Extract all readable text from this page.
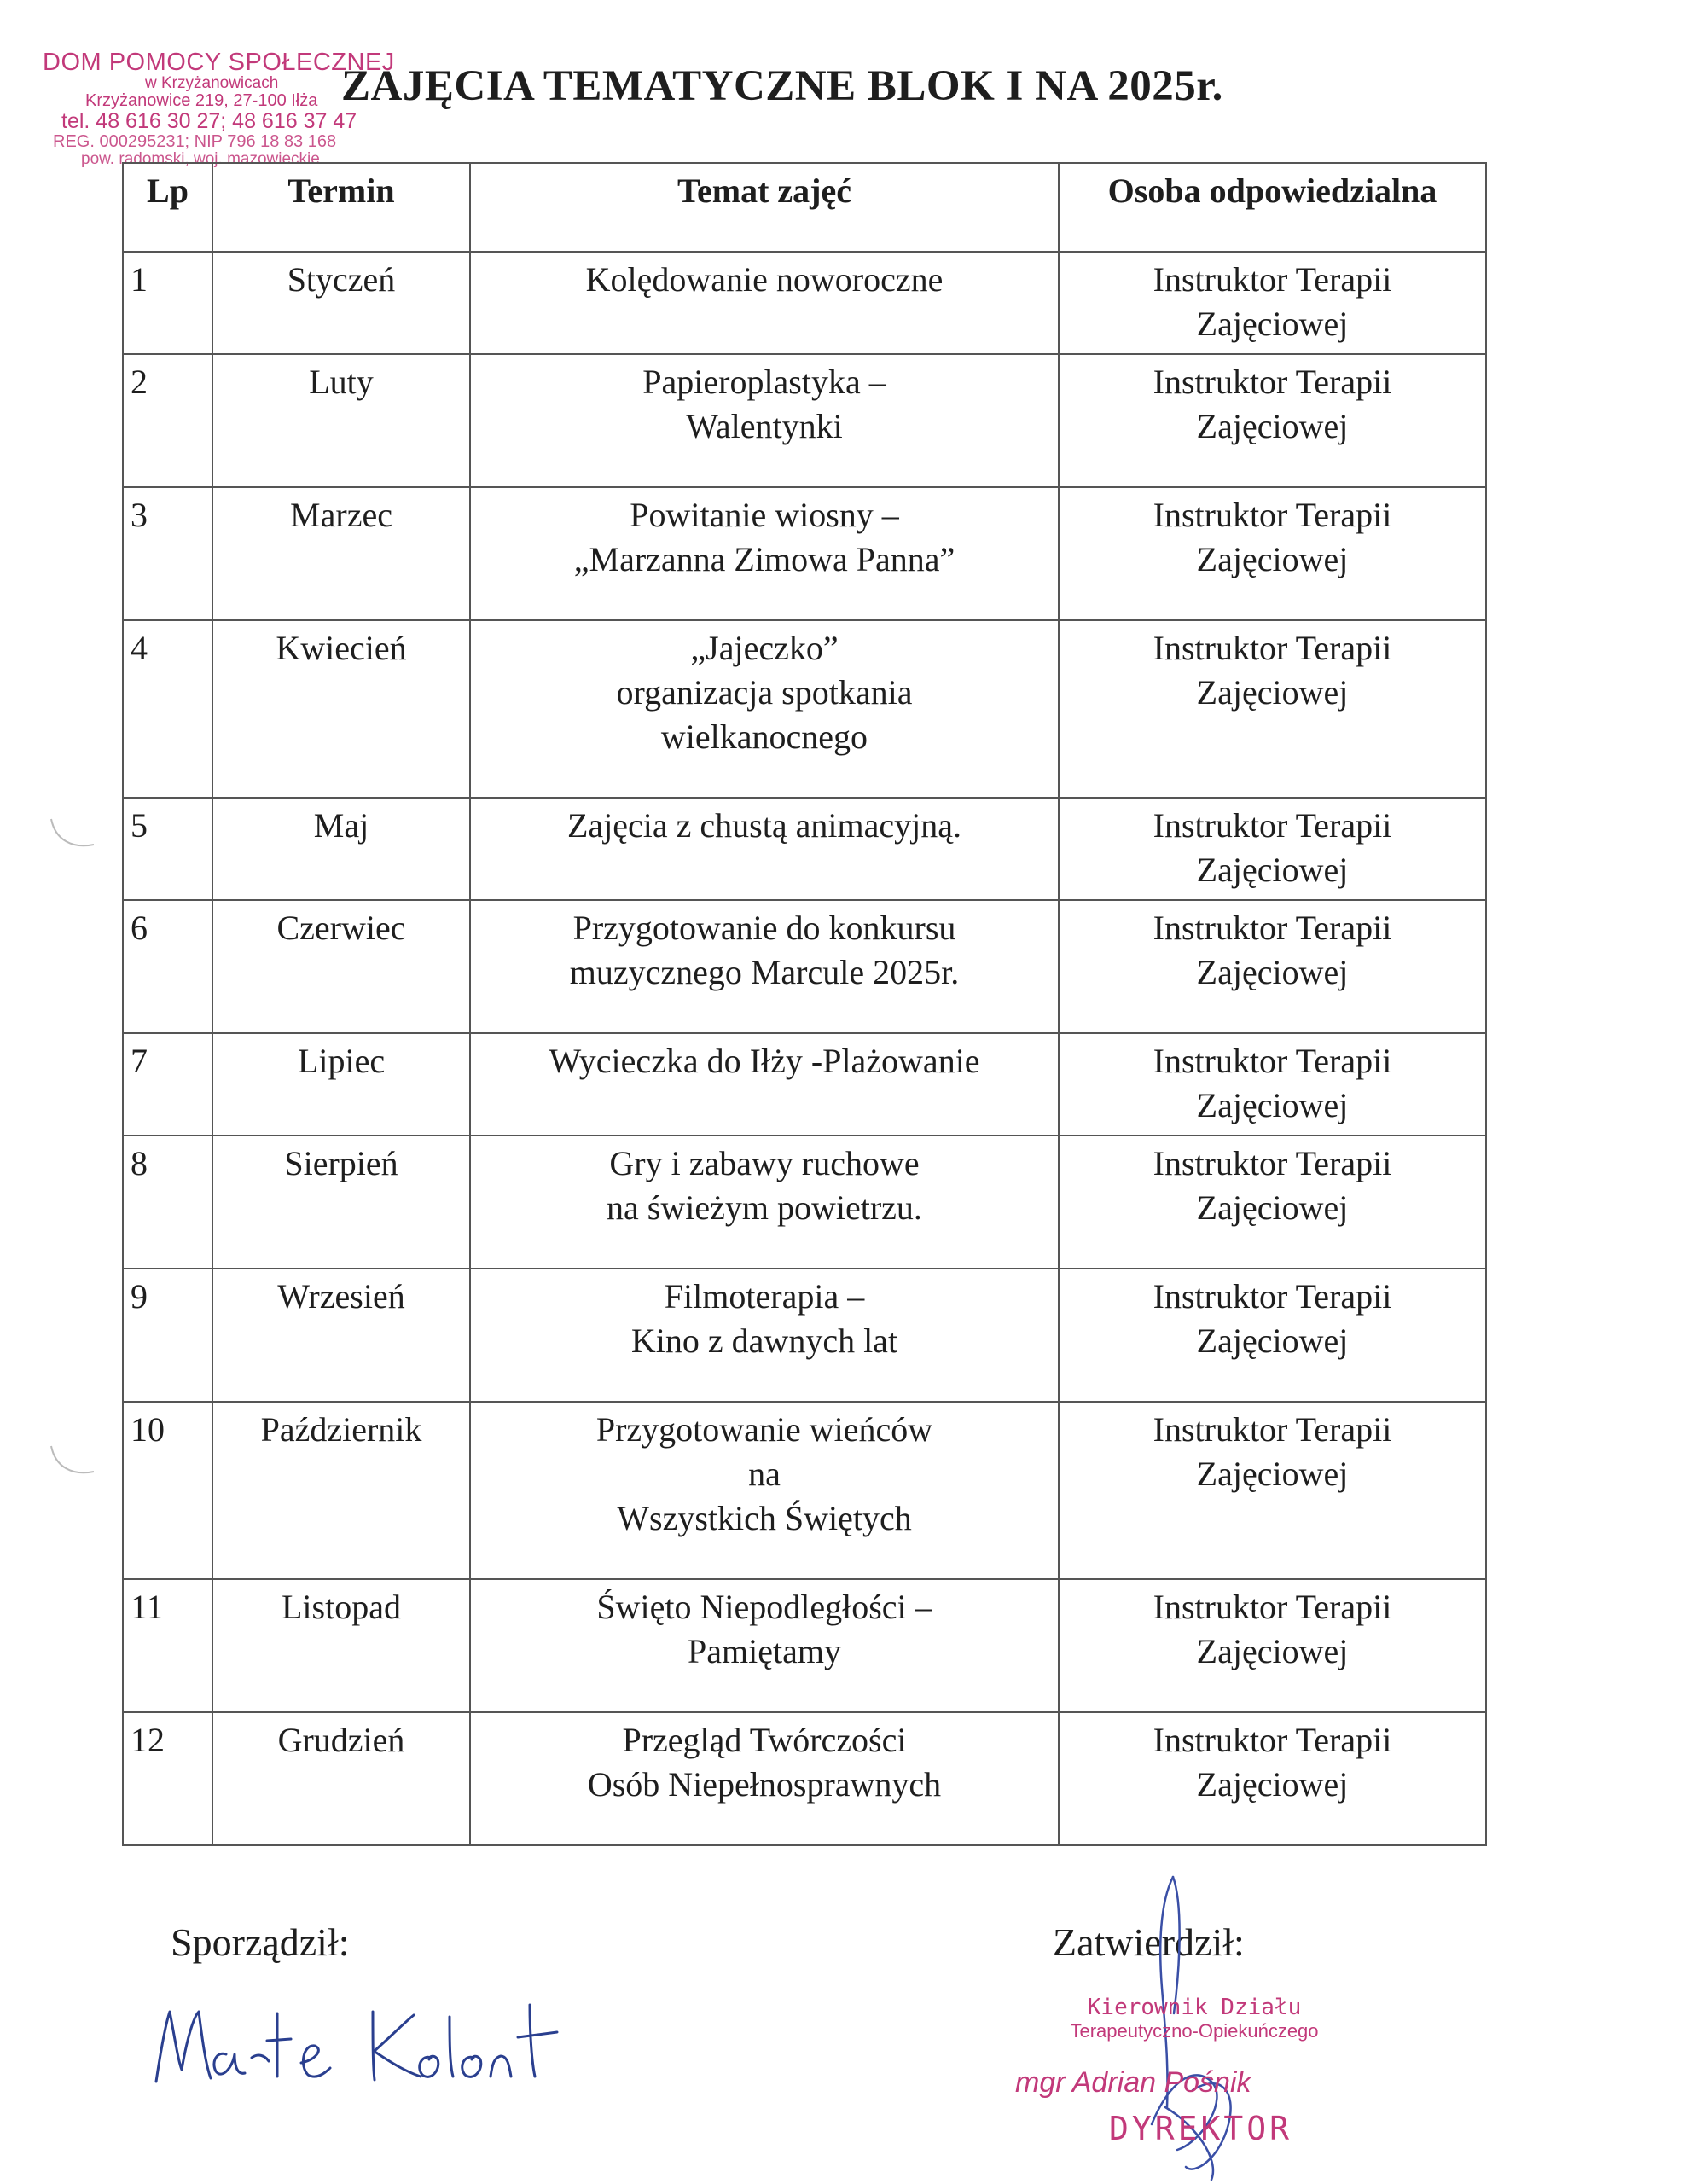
DOM POMOCY SPOŁECZNEJ
w Krzyżanowicach
Krzyżanowice 219, 27-100 Iłża
tel. 48 616 30 27; 48 616 37 47
REG. 000295231; NIP 796 18 83 168
pow. radomski, woj. mazowieckie
ZAJĘCIA TEMATYCZNE BLOK I NA 2025r.
Lp	Termin	Temat zajęć	Osoba odpowiedzialna
1	Styczeń	Kolędowanie noworoczne	Instruktor Terapii
Zajęciowej
2	Luty	Papieroplastyka –
Walentynki	Instruktor Terapii
Zajęciowej
3	Marzec	Powitanie wiosny –
„Marzanna Zimowa Panna”	Instruktor Terapii
Zajęciowej
4	Kwiecień	„Jajeczko”
organizacja spotkania
wielkanocnego	Instruktor Terapii
Zajęciowej
5	Maj	Zajęcia z chustą animacyjną.	Instruktor Terapii
Zajęciowej
6	Czerwiec	Przygotowanie do konkursu
muzycznego Marcule 2025r.	Instruktor Terapii
Zajęciowej
7	Lipiec	Wycieczka do Iłży -Plażowanie	Instruktor Terapii
Zajęciowej
8	Sierpień	Gry i zabawy ruchowe
na świeżym powietrzu.	Instruktor Terapii
Zajęciowej
9	Wrzesień	Filmoterapia –
Kino z dawnych lat	Instruktor Terapii
Zajęciowej
10	Październik	Przygotowanie wieńców
na
Wszystkich Świętych	Instruktor Terapii
Zajęciowej
11	Listopad	Święto Niepodległości –
Pamiętamy	Instruktor Terapii
Zajęciowej
12	Grudzień	Przegląd Twórczości
Osób Niepełnosprawnych	Instruktor Terapii
Zajęciowej
Sporządził:	Zatwierdził:
Kierownik Działu
Terapeutyczno-Opiekuńczego
mgr Adrian Pośnik
DYREKTOR
